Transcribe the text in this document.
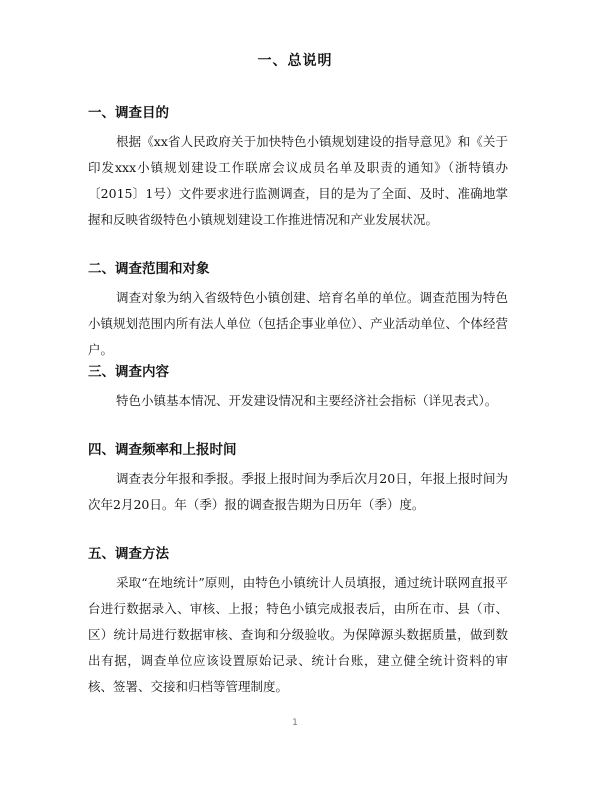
一、总说明

一、调查目的

根据《xx省人民政府关于加快特色小镇规划建设的指导意见》和《关于印发xxx小镇规划建设工作联席会议成员名单及职责的通知》（浙特镇办〔2015〕1号）文件要求进行监测调查，目的是为了全面、及时、准确地掌握和反映省级特色小镇规划建设工作推进情况和产业发展状况。

二、调查范围和对象

调查对象为纳入省级特色小镇创建、培育名单的单位。调查范围为特色小镇规划范围内所有法人单位（包括企事业单位）、产业活动单位、个体经营户。

三、调查内容

特色小镇基本情况、开发建设情况和主要经济社会指标（详见表式）。

四、调查频率和上报时间

调查表分年报和季报。季报上报时间为季后次月20日，年报上报时间为次年2月20日。年（季）报的调查报告期为日历年（季）度。

五、调查方法

采取“在地统计”原则，由特色小镇统计人员填报，通过统计联网直报平台进行数据录入、审核、上报；特色小镇完成报表后，由所在市、县（市、区）统计局进行数据审核、查询和分级验收。为保障源头数据质量，做到数出有据，调查单位应该设置原始记录、统计台账，建立健全统计资料的审核、签署、交接和归档等管理制度。

1
